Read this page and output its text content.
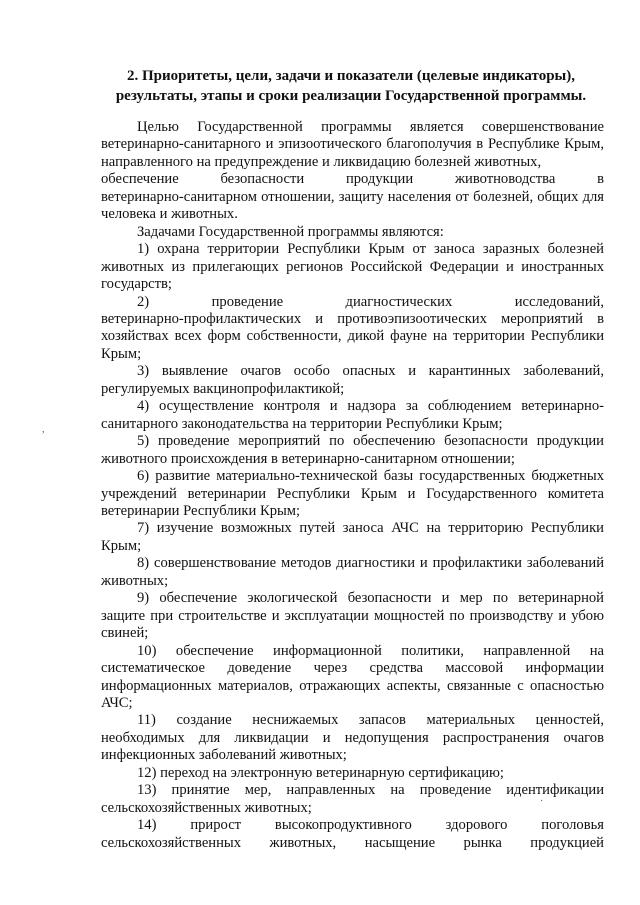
2. Приоритеты, цели, задачи и показатели (целевые индикаторы),
результаты, этапы и сроки реализации Государственной программы.

Целью Государственной программы является совершенствование ветеринарно-санитарного и эпизоотического благополучия в Республике Крым, направленного на предупреждение и ликвидацию болезней животных,

обеспечение	безопасности	продукции	животноводства	в

ветеринарно-санитарном отношении, защиту населения от болезней, общих для человека и животных.

Задачами Государственной программы являются:

1) охрана территории Республики Крым от заноса заразных болезней животных из прилегающих регионов Российской Федерации и иностранных государств;

2)	проведение	диагностических	исследований,

ветеринарно-профилактических и противоэпизоотических мероприятий в хозяйствах всех форм собственности, дикой фауне на территории Республики Крым;

3) выявление очагов особо опасных и карантинных заболеваний, регулируемых вакцинопрофилактикой;

4) осуществление контроля и надзора за соблюдением ветеринарно-санитарного законодательства на территории Республики Крым;

5) проведение мероприятий по обеспечению безопасности продукции животного происхождения в ветеринарно-санитарном отношении;

6) развитие материально-технической базы государственных бюджетных учреждений ветеринарии Республики Крым и Государственного комитета ветеринарии Республики Крым;

7) изучение возможных путей заноса АЧС на территорию Республики Крым;

8) совершенствование методов диагностики и профилактики заболеваний животных;

9) обеспечение экологической безопасности и мер по ветеринарной защите при строительстве и эксплуатации мощностей по производству и убою свиней;

10) обеспечение информационной политики, направленной на систематическое доведение через средства массовой информации информационных материалов, отражающих аспекты, связанные с опасностью АЧС;

11) создание неснижаемых запасов материальных ценностей, необходимых для ликвидации и недопущения распространения очагов инфекционных заболеваний животных;

12) переход на электронную ветеринарную сертификацию;

13) принятие мер, направленных на проведение идентификации сельскохозяйственных животных;

14) прирост высокопродуктивного здорового поголовья
сельскохозяйственных животных, насыщение рынка продукцией
,
·
